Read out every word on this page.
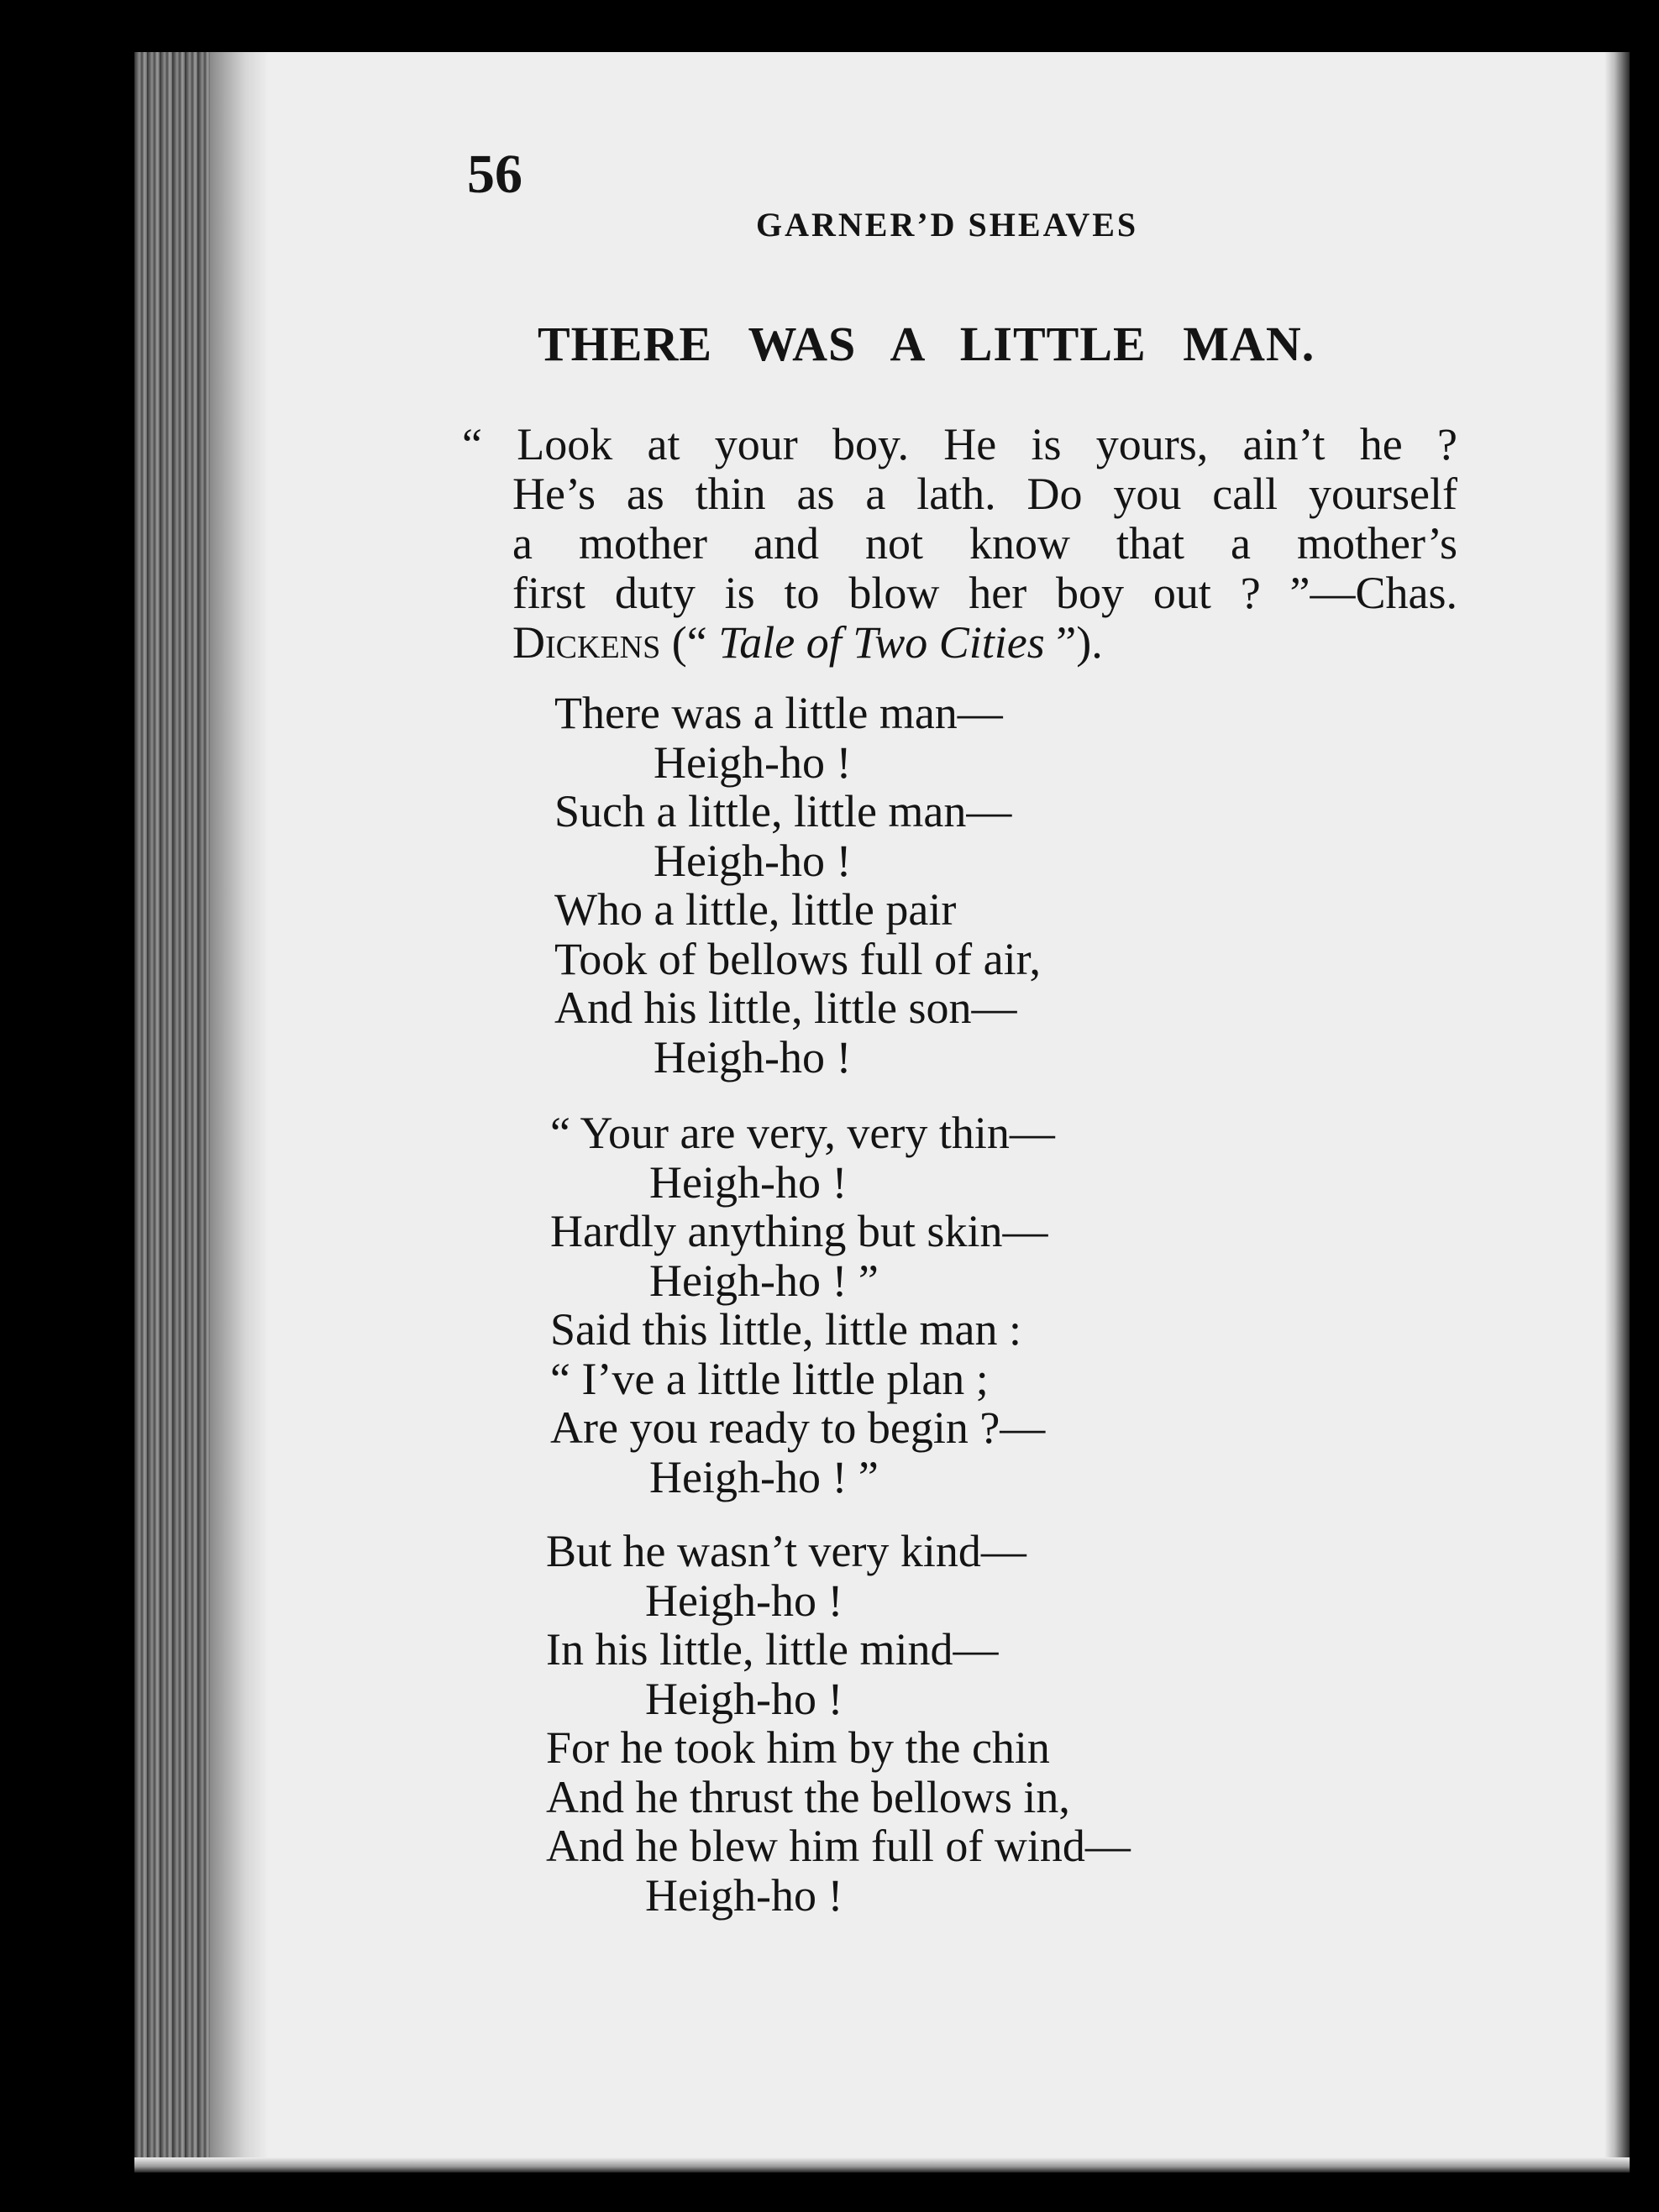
56
GARNER’D SHEAVES
THERE WAS A LITTLE MAN.
“ Look at your boy. He is yours, ain’t he ?
He’s as thin as a lath. Do you call yourself
a mother and not know that a mother’s
first duty is to blow her boy out ? ”—Chas.
Dickens (“ Tale of Two Cities ”).
There was a little man—
Heigh-ho !
Such a little, little man—
Heigh-ho !
Who a little, little pair
Took of bellows full of air,
And his little, little son—
Heigh-ho !
“ Your are very, very thin—
Heigh-ho !
Hardly anything but skin—
Heigh-ho ! ”
Said this little, little man :
“ I’ve a little little plan ;
Are you ready to begin ?—
Heigh-ho ! ”
But he wasn’t very kind—
Heigh-ho !
In his little, little mind—
Heigh-ho !
For he took him by the chin
And he thrust the bellows in,
And he blew him full of wind—
Heigh-ho !
